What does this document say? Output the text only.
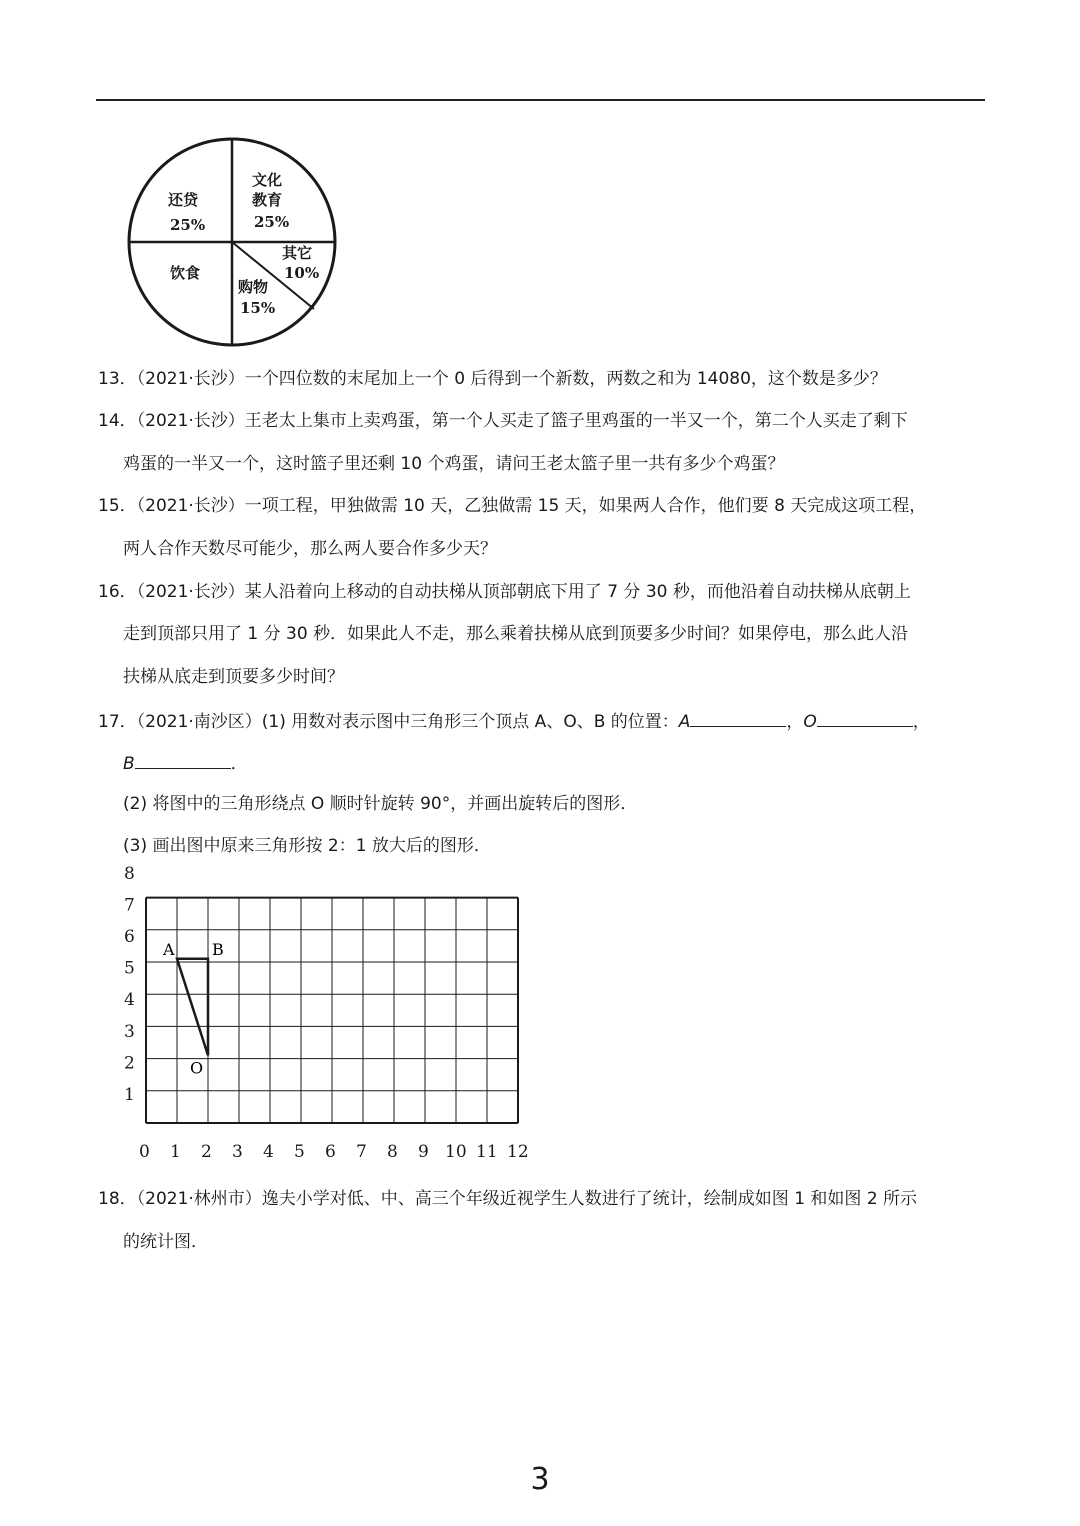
还贷
25%
文化
教育
25%
其它
10%
购物
15%
饮食
13．（2021·长沙）一个四位数的末尾加上一个 0 后得到一个新数，两数之和为 14080，这个数是多少？
14．（2021·长沙）王老太上集市上卖鸡蛋，第一个人买走了篮子里鸡蛋的一半又一个，第二个人买走了剩下
鸡蛋的一半又一个，这时篮子里还剩 10 个鸡蛋，请问王老太篮子里一共有多少个鸡蛋？
15．（2021·长沙）一项工程，甲独做需 10 天，乙独做需 15 天，如果两人合作，他们要 8 天完成这项工程，
两人合作天数尽可能少，那么两人要合作多少天？
16．（2021·长沙）某人沿着向上移动的自动扶梯从顶部朝底下用了 7 分 30 秒，而他沿着自动扶梯从底朝上
走到顶部只用了 1 分 30 秒．如果此人不走，那么乘着扶梯从底到顶要多少时间？如果停电，那么此人沿
扶梯从底走到顶要多少时间？
17．（2021·南沙区）(1) 用数对表示图中三角形三个顶点 A、O、B 的位置：A	，O	，
B	．
(2) 将图中的三角形绕点 O 顺时针旋转 90°，并画出旋转后的图形．
(3) 画出图中原来三角形按 2：1 放大后的图形．
0 1 2 3 4 5 6 7 8 9 10 11 12
1
2
3
4
5
6
7
8
A B
O
18．（2021·林州市）逸夫小学对低、中、高三个年级近视学生人数进行了统计，绘制成如图 1 和如图 2 所示
的统计图．
3
